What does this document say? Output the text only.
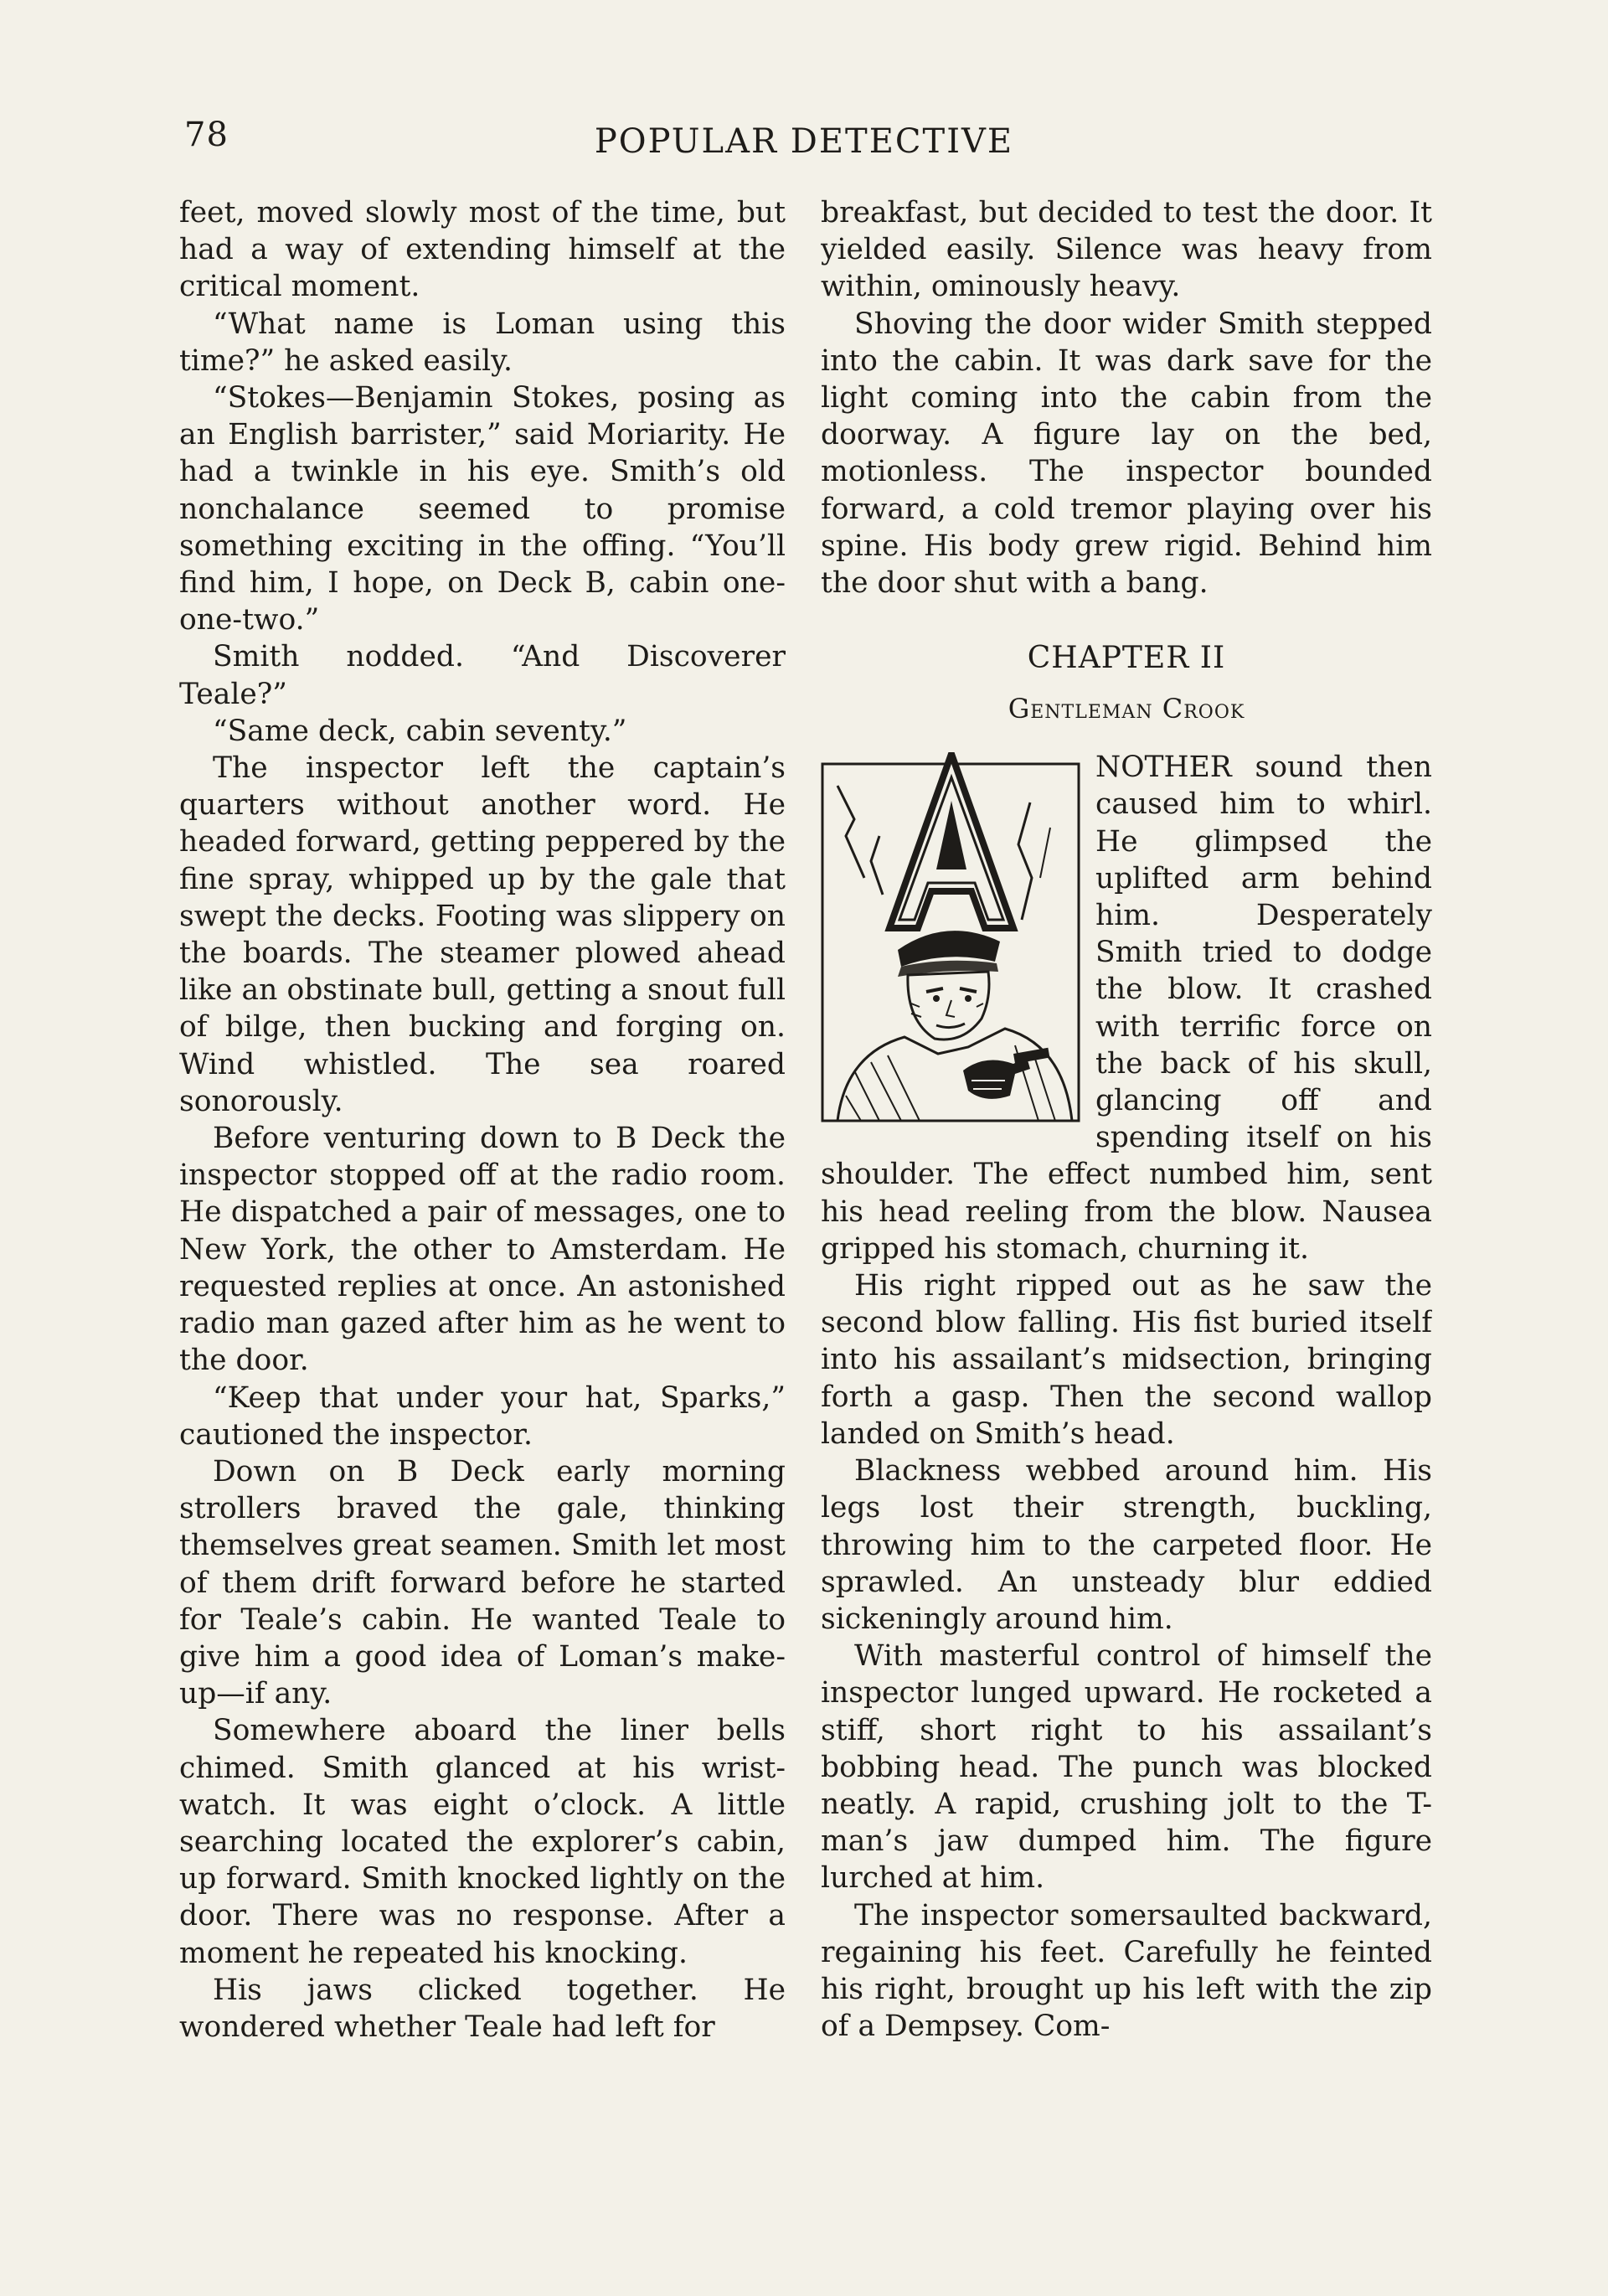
78	POPULAR DETECTIVE

feet, moved slowly most of the time, but had a way of extending himself at the critical moment.

“What name is Loman using this time?” he asked easily.

“Stokes—Benjamin Stokes, posing as an English barrister,” said Moriarity. He had a twinkle in his eye. Smith’s old nonchalance seemed to promise something exciting in the offing. “You’ll find him, I hope, on Deck B, cabin one-one-two.”

Smith nodded. “And Discoverer Teale?”

“Same deck, cabin seventy.”

The inspector left the captain’s quarters without another word. He headed forward, getting peppered by the fine spray, whipped up by the gale that swept the decks. Footing was slippery on the boards. The steamer plowed ahead like an obstinate bull, getting a snout full of bilge, then bucking and forging on. Wind whistled. The sea roared sonorously.

Before venturing down to B Deck the inspector stopped off at the radio room. He dispatched a pair of messages, one to New York, the other to Amsterdam. He requested replies at once. An astonished radio man gazed after him as he went to the door.

“Keep that under your hat, Sparks,” cautioned the inspector.

Down on B Deck early morning strollers braved the gale, thinking themselves great seamen. Smith let most of them drift forward before he started for Teale’s cabin. He wanted Teale to give him a good idea of Loman’s make-up—if any.

Somewhere aboard the liner bells chimed. Smith glanced at his wrist-watch. It was eight o’clock. A little searching located the explorer’s cabin, up forward. Smith knocked lightly on the door. There was no response. After a moment he repeated his knocking.

His jaws clicked together. He wondered whether Teale had left for

breakfast, but decided to test the door. It yielded easily. Silence was heavy from within, ominously heavy.

Shoving the door wider Smith stepped into the cabin. It was dark save for the light coming into the cabin from the doorway. A figure lay on the bed, motionless. The inspector bounded forward, a cold tremor playing over his spine. His body grew rigid. Behind him the door shut with a bang.

CHAPTER II
Gentleman Crook

NOTHER sound then caused him to whirl. He glimpsed the uplifted arm behind him. Desperately Smith tried to dodge the blow. It crashed with terrific force on the back of his skull, glancing off and spending itself on his shoulder. The effect numbed him, sent his head reeling from the blow. Nausea gripped his stomach, churning it.

His right ripped out as he saw the second blow falling. His fist buried itself into his assailant’s midsection, bringing forth a gasp. Then the second wallop landed on Smith’s head.

Blackness webbed around him. His legs lost their strength, buckling, throwing him to the carpeted floor. He sprawled. An unsteady blur eddied sickeningly around him.

With masterful control of himself the inspector lunged upward. He rocketed a stiff, short right to his assailant’s bobbing head. The punch was blocked neatly. A rapid, crushing jolt to the T-man’s jaw dumped him. The figure lurched at him.

The inspector somersaulted backward, regaining his feet. Carefully he feinted his right, brought up his left with the zip of a Dempsey. Com-
